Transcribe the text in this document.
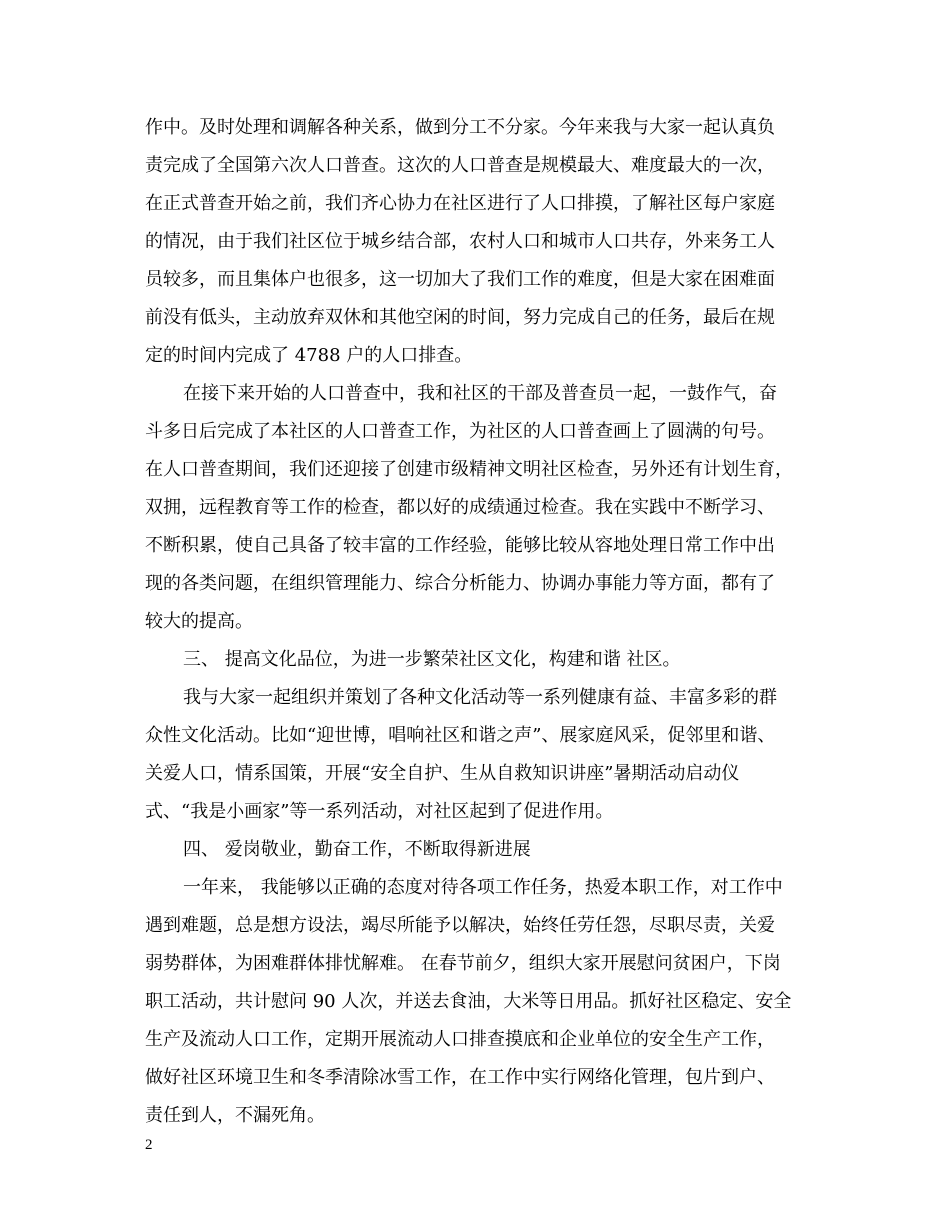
作中。及时处理和调解各种关系，做到分工不分家。今年来我与大家一起认真负
责完成了全国第六次人口普查。这次的人口普查是规模最大、难度最大的一次，
在正式普查开始之前，我们齐心协力在社区进行了人口排摸，了解社区每户家庭
的情况，由于我们社区位于城乡结合部，农村人口和城市人口共存，外来务工人
员较多，而且集体户也很多，这一切加大了我们工作的难度，但是大家在困难面
前没有低头，主动放弃双休和其他空闲的时间，努力完成自己的任务，最后在规
定的时间内完成了 4788 户的人口排查。
在接下来开始的人口普查中，我和社区的干部及普查员一起，一鼓作气，奋
斗多日后完成了本社区的人口普查工作，为社区的人口普查画上了圆满的句号。
在人口普查期间，我们还迎接了创建市级精神文明社区检查，另外还有计划生育，
双拥，远程教育等工作的检查，都以好的成绩通过检查。我在实践中不断学习、
不断积累，使自己具备了较丰富的工作经验，能够比较从容地处理日常工作中出
现的各类问题，在组织管理能力、综合分析能力、协调办事能力等方面，都有了
较大的提高。
三、 提高文化品位，为进一步繁荣社区文化，构建和谐 社区。
我与大家一起组织并策划了各种文化活动等一系列健康有益、丰富多彩的群
众性文化活动。比如“迎世博，唱响社区和谐之声”、展家庭风采，促邻里和谐、
关爱人口，情系国策，开展“安全自护、生从自救知识讲座”暑期活动启动仪
式、“我是小画家”等一系列活动，对社区起到了促进作用。
四、 爱岗敬业，勤奋工作，不断取得新进展
一年来， 我能够以正确的态度对待各项工作任务，热爱本职工作，对工作中
遇到难题，总是想方设法，竭尽所能予以解决，始终任劳任怨，尽职尽责，关爱
弱势群体，为困难群体排忧解难。 在春节前夕，组织大家开展慰问贫困户，下岗
职工活动，共计慰问 90 人次，并送去食油，大米等日用品。抓好社区稳定、安全
生产及流动人口工作，定期开展流动人口排查摸底和企业单位的安全生产工作，
做好社区环境卫生和冬季清除冰雪工作，在工作中实行网络化管理，包片到户、
责任到人，不漏死角。
2
